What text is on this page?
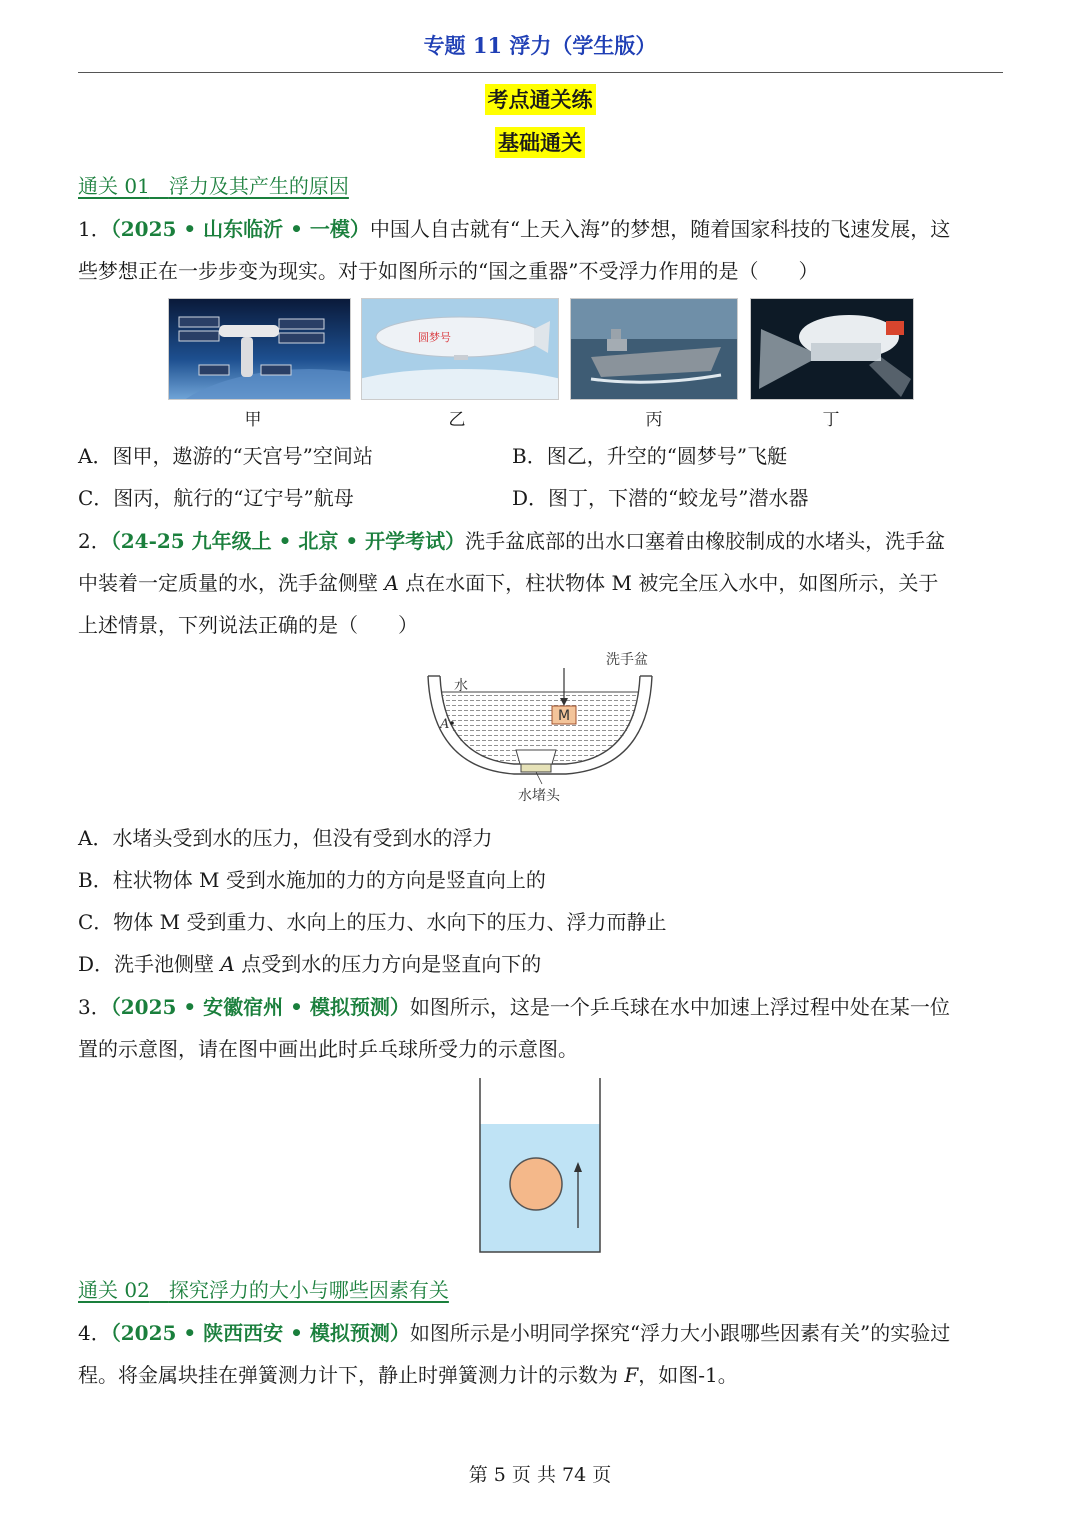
专题 11 浮力（学生版）
考点通关练
基础通关
通关 01 浮力及其产生的原因
1．（2025 • 山东临沂 • 一模）中国人自古就有“上天入海”的梦想，随着国家科技的飞速发展，这
些梦想正在一步步变为现实。对于如图所示的“国之重器”不受浮力作用的是（　　）
圆梦号
甲	乙	丙	丁
A．图甲，遨游的“天宫号”空间站	B．图乙，升空的“圆梦号”飞艇
C．图丙，航行的“辽宁号”航母	D．图丁，下潜的“蛟龙号”潜水器
2．（24-25 九年级上 • 北京 • 开学考试）洗手盆底部的出水口塞着由橡胶制成的水堵头，洗手盆
中装着一定质量的水，洗手盆侧壁 A 点在水面下，柱状物体 M 被完全压入水中，如图所示，关于
上述情景，下列说法正确的是（　　）
M
A
水
洗手盆
水堵头
A．水堵头受到水的压力，但没有受到水的浮力
B．柱状物体 M 受到水施加的力的方向是竖直向上的
C．物体 M 受到重力、水向上的压力、水向下的压力、浮力而静止
D．洗手池侧壁 A 点受到水的压力方向是竖直向下的
3．（2025 • 安徽宿州 • 模拟预测）如图所示，这是一个乒乓球在水中加速上浮过程中处在某一位
置的示意图，请在图中画出此时乒乓球所受力的示意图。
通关 02 探究浮力的大小与哪些因素有关
4．（2025 • 陕西西安 • 模拟预测）如图所示是小明同学探究“浮力大小跟哪些因素有关”的实验过
程。将金属块挂在弹簧测力计下，静止时弹簧测力计的示数为 F，如图-1。
第 5 页 共 74 页
